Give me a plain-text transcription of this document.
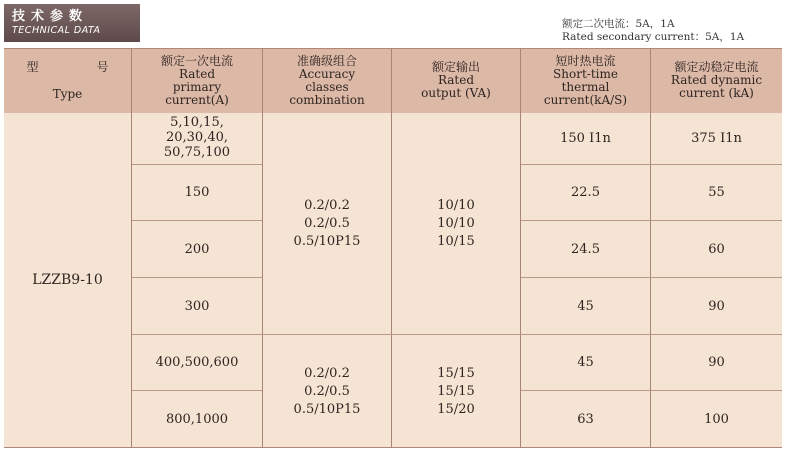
技术参数
TECHNICAL DATA
额定二次电流：5A，1A
Rated secondary current：5A，1A
型	号
Type
额定一次电流
Rated
primary
current(A)
准确级组合
Accuracy
classes
combination
额定输出
Rated
output (VA)
短时热电流
Short-time
thermal
current(kA/S)
额定动稳定电流
Rated dynamic
current (kA)
LZZB9-10
5,10,15,
20,30,40,
50,75,100
150
200
300
400,500,600
800,1000
0.2/0.2
0.2/0.5
0.5/10P15
0.2/0.2
0.2/0.5
0.5/10P15
10/10
10/10
10/15
15/15
15/15
15/20
150 I1n
22.5
24.5
45
45
63
375 I1n
55
60
90
90
100
